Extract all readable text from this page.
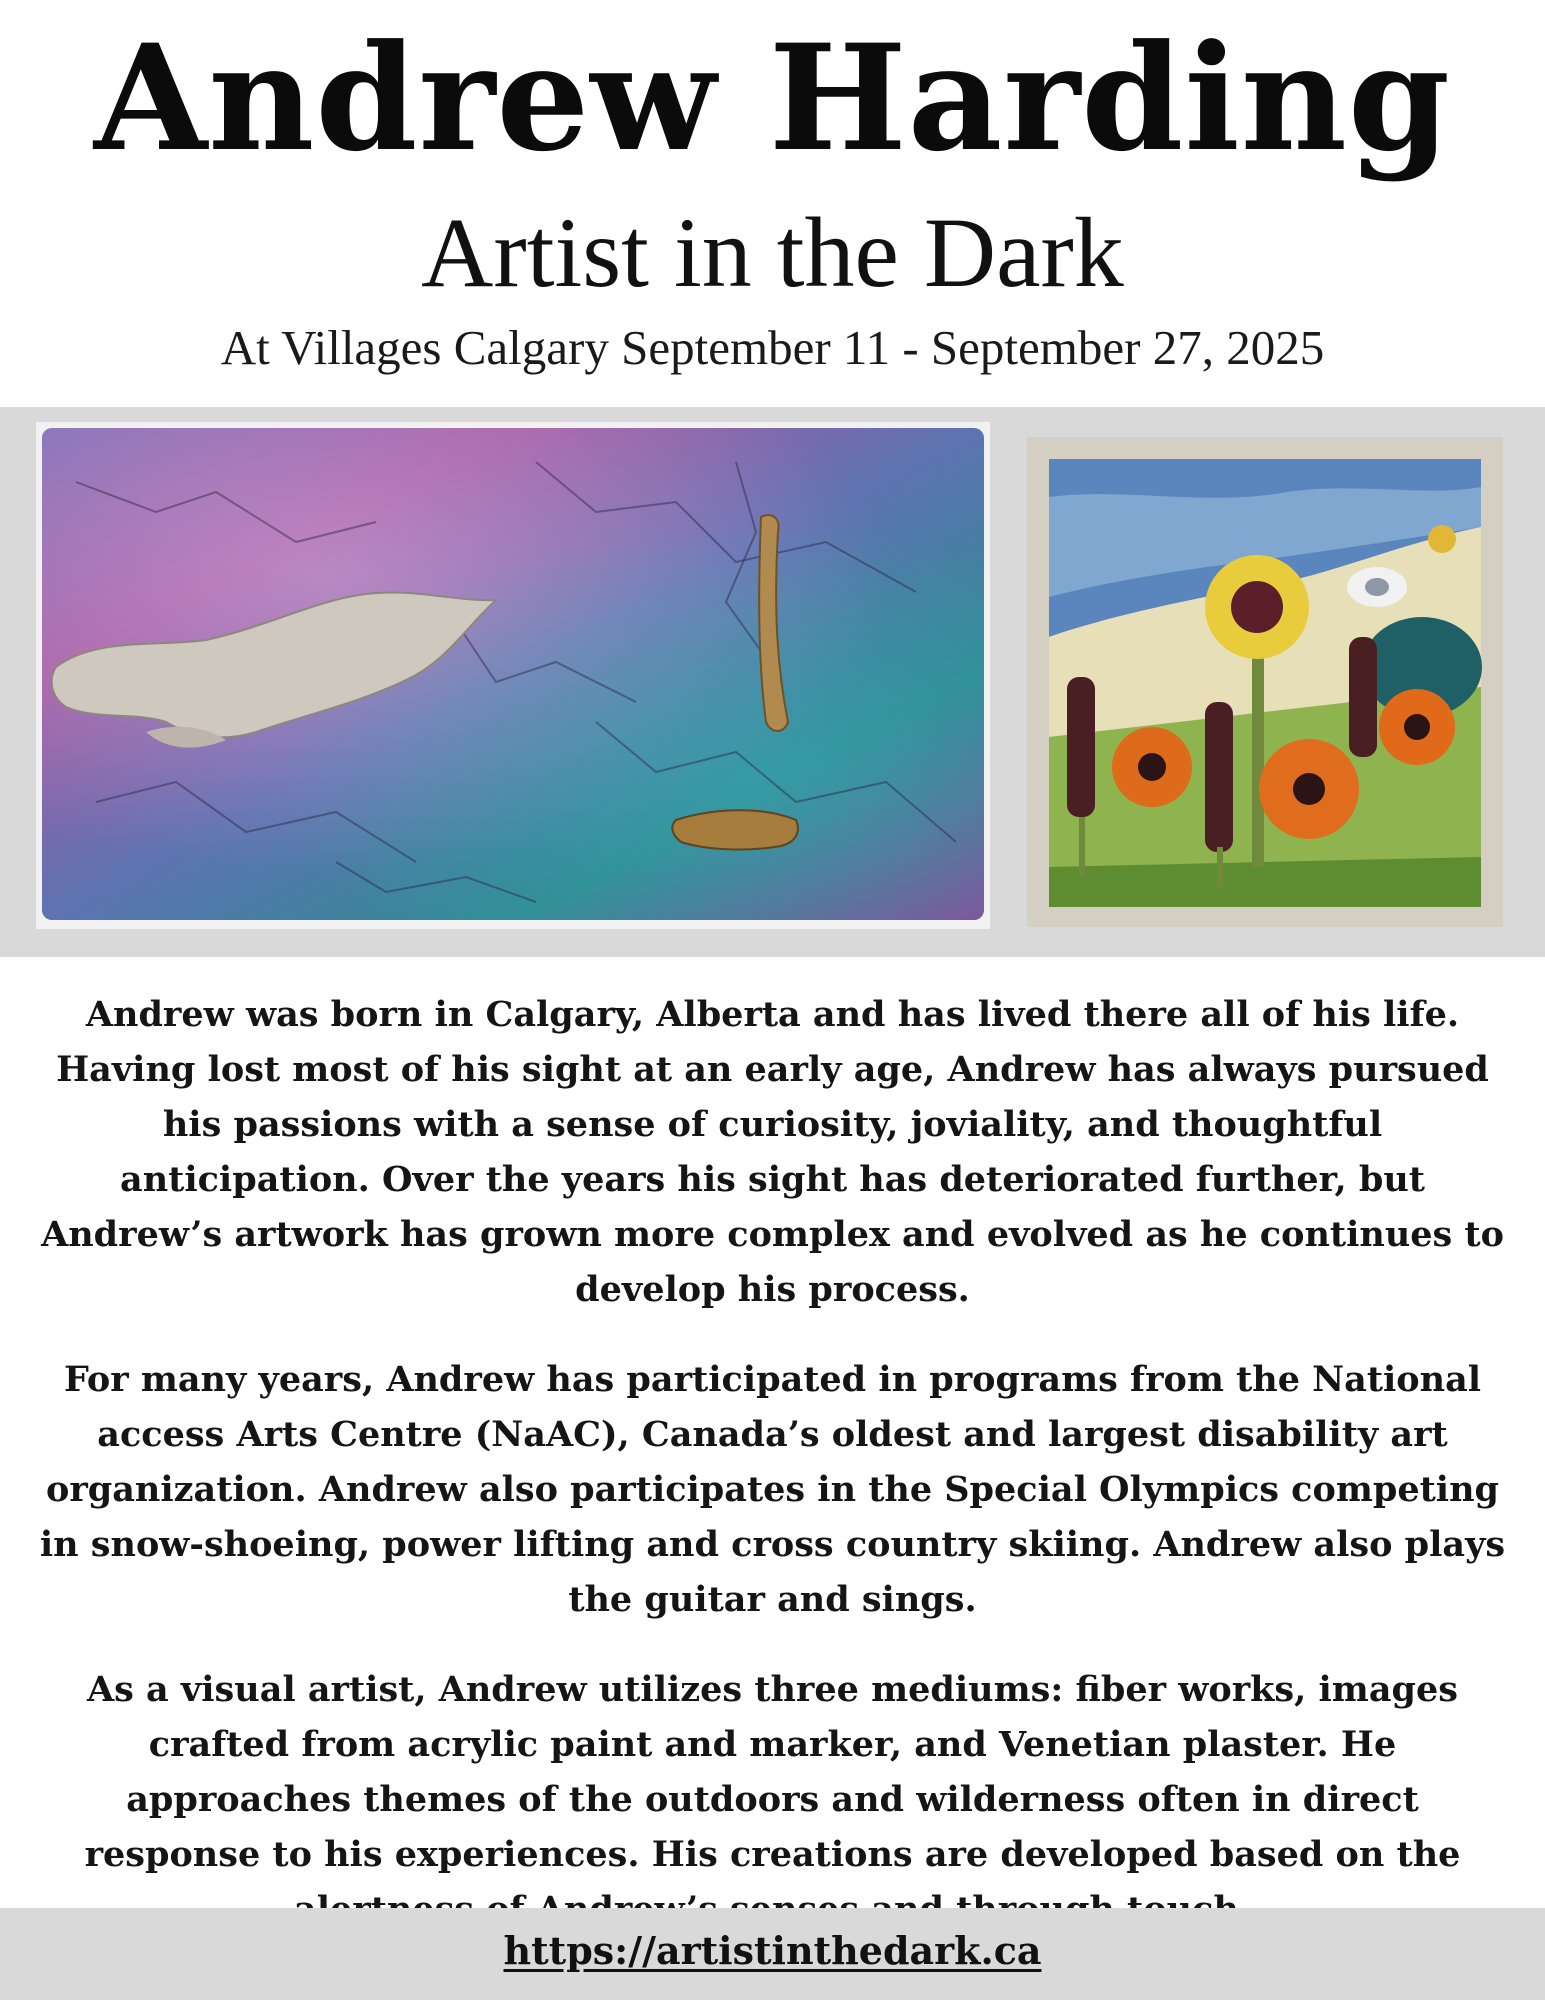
Andrew Harding
Artist in the Dark
At Villages Calgary September 11 - September 27, 2025

Andrew was born in Calgary, Alberta and has lived there all of his life. Having lost most of his sight at an early age, Andrew has always pursued his passions with a sense of curiosity, joviality, and thoughtful anticipation. Over the years his sight has deteriorated further, but Andrew’s artwork has grown more complex and evolved as he continues to develop his process.

For many years, Andrew has participated in programs from the National access Arts Centre (NaAC), Canada’s oldest and largest disability art organization. Andrew also participates in the Special Olympics competing in snow-shoeing, power lifting and cross country skiing. Andrew also plays the guitar and sings.

As a visual artist, Andrew utilizes three mediums: fiber works, images crafted from acrylic paint and marker, and Venetian plaster. He approaches themes of the outdoors and wilderness often in direct response to his experiences. His creations are developed based on the

https://artistinthedark.ca
